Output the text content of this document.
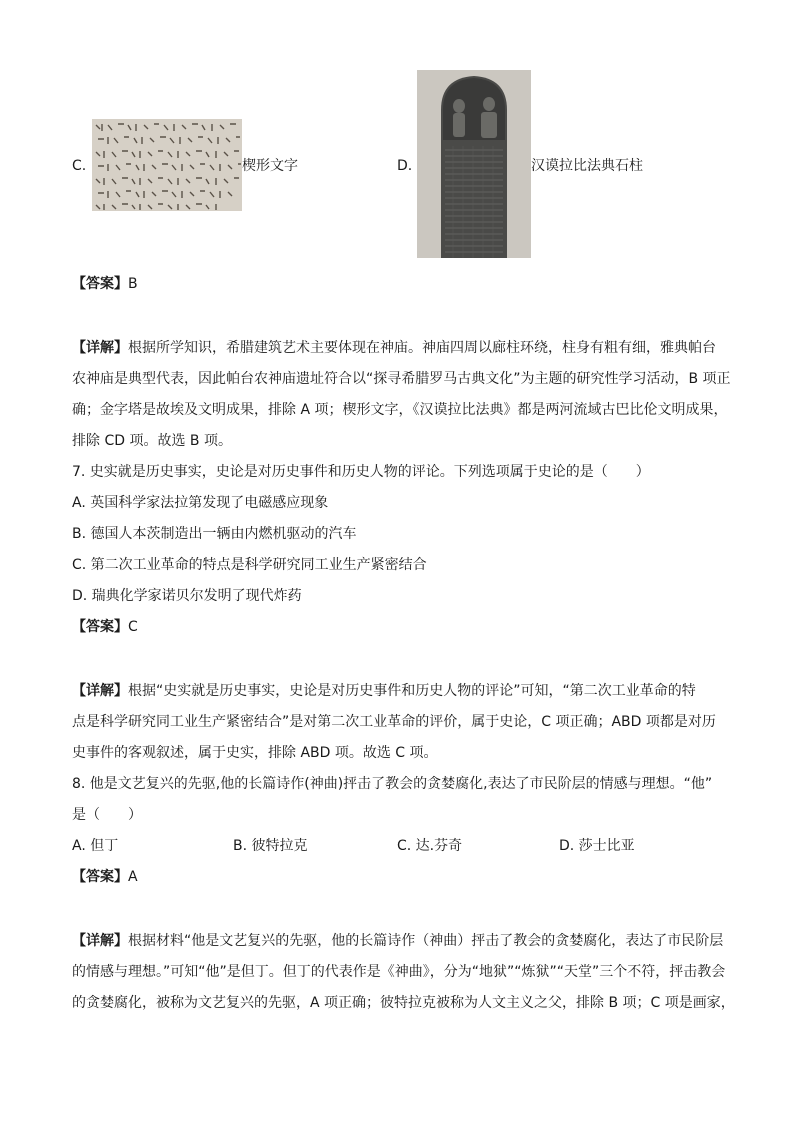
C.	楔形文字	D.	汉谟拉比法典石柱
【答案】B
【详解】根据所学知识，希腊建筑艺术主要体现在神庙。神庙四周以廊柱环绕，柱身有粗有细，雅典帕台
农神庙是典型代表，因此帕台农神庙遗址符合以“探寻希腊罗马古典文化”为主题的研究性学习活动，B 项正
确；金字塔是故埃及文明成果，排除 A 项；楔形文字，《汉谟拉比法典》都是两河流域古巴比伦文明成果，
排除 CD 项。故选 B 项。
7. 史实就是历史事实，史论是对历史事件和历史人物的评论。下列选项属于史论的是（　　）
A. 英国科学家法拉第发现了电磁感应现象
B. 德国人本茨制造出一辆由内燃机驱动的汽车
C. 第二次工业革命的特点是科学研究同工业生产紧密结合
D. 瑞典化学家诺贝尔发明了现代炸药
【答案】C
【详解】根据“史实就是历史事实，史论是对历史事件和历史人物的评论”可知，“第二次工业革命的特
点是科学研究同工业生产紧密结合”是对第二次工业革命的评价，属于史论，C 项正确；ABD 项都是对历
史事件的客观叙述，属于史实，排除 ABD 项。故选 C 项。
8. 他是文艺复兴的先驱,他的长篇诗作(神曲)抨击了教会的贪婪腐化,表达了市民阶层的情感与理想。“他”
是（　　）
A. 但丁	B. 彼特拉克	C. 达.芬奇	D. 莎士比亚
【答案】A
【详解】根据材料“他是文艺复兴的先驱，他的长篇诗作（神曲）抨击了教会的贪婪腐化，表达了市民阶层
的情感与理想。”可知“他”是但丁。但丁的代表作是《神曲》，分为“地狱”“炼狱”“天堂”三个不符，抨击教会
的贪婪腐化，被称为文艺复兴的先驱，A 项正确；彼特拉克被称为人文主义之父，排除 B 项；C 项是画家，
